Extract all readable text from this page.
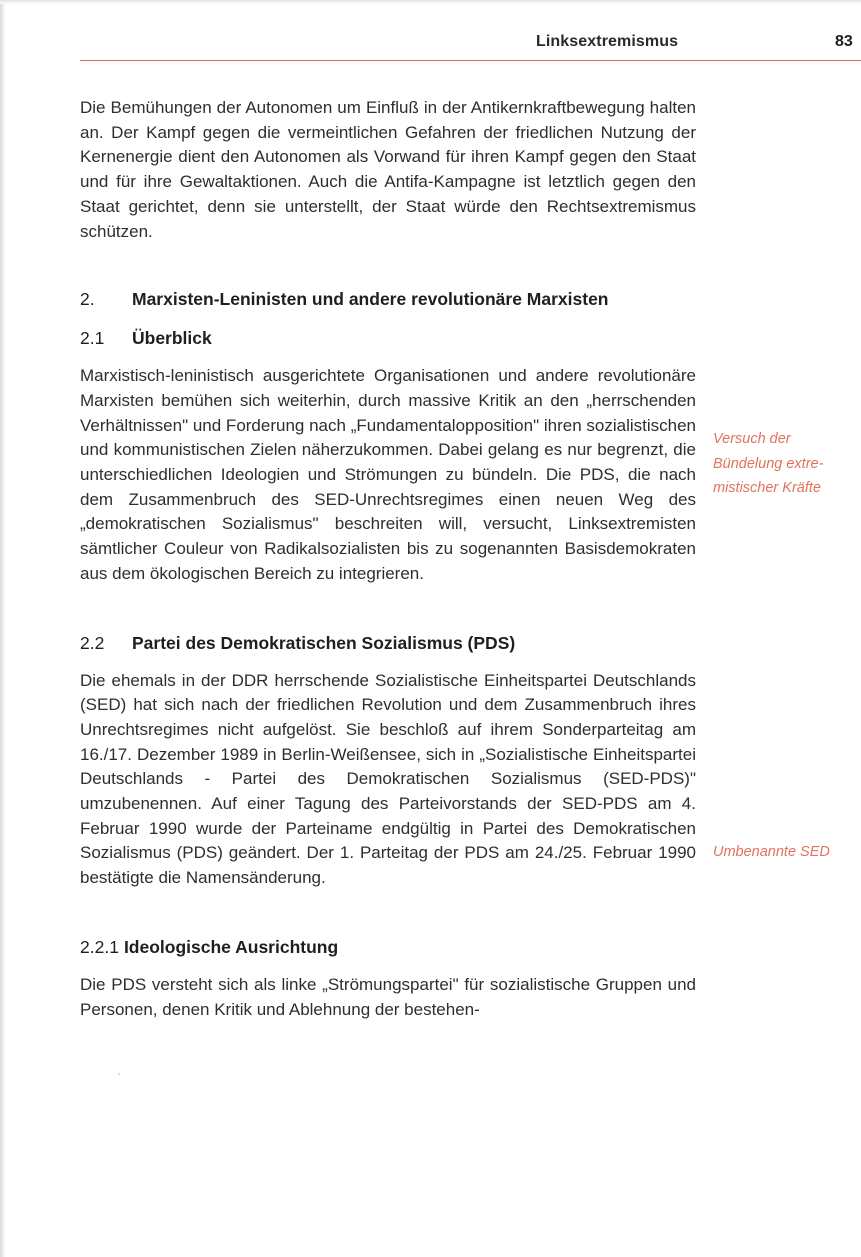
Linksextremismus	83

Die Bemühungen der Autonomen um Einfluß in der Antikernkraftbewegung halten an. Der Kampf gegen die vermeintlichen Gefahren der friedlichen Nutzung der Kernenergie dient den Autonomen als Vorwand für ihren Kampf gegen den Staat und für ihre Gewaltaktionen. Auch die Antifa-Kampagne ist letztlich gegen den Staat gerichtet, denn sie unterstellt, der Staat würde den Rechtsextremismus schützen.

2.	Marxisten-Leninisten und andere revolutionäre Marxisten
2.1	Überblick

Marxistisch-leninistisch ausgerichtete Organisationen und andere revolutionäre Marxisten bemühen sich weiterhin, durch massive Kritik an den „herrschenden Verhältnissen" und Forderung nach „Fundamentalopposition" ihren sozialistischen und kommunistischen Zielen näherzukommen. Dabei gelang es nur begrenzt, die unterschiedlichen Ideologien und Strömungen zu bündeln. Die PDS, die nach dem Zusammenbruch des SED-Unrechtsregimes einen neuen Weg des „demokratischen Sozialismus" beschreiten will, versucht, Linksextremisten sämtlicher Couleur von Radikalsozialisten bis zu sogenannten Basisdemokraten aus dem ökologischen Bereich zu integrieren.

2.2	Partei des Demokratischen Sozialismus (PDS)

Die ehemals in der DDR herrschende Sozialistische Einheitspartei Deutschlands (SED) hat sich nach der friedlichen Revolution und dem Zusammenbruch ihres Unrechtsregimes nicht aufgelöst. Sie beschloß auf ihrem Sonderparteitag am 16./17. Dezember 1989 in Berlin-Weißensee, sich in „Sozialistische Einheitspartei Deutschlands - Partei des Demokratischen Sozialismus (SED-PDS)" umzubenennen. Auf einer Tagung des Parteivorstands der SED-PDS am 4. Februar 1990 wurde der Parteiname endgültig in Partei des Demokratischen Sozialismus (PDS) geändert. Der 1. Parteitag der PDS am 24./25. Februar 1990 bestätigte die Namensänderung.

2.2.1 Ideologische Ausrichtung

Die PDS versteht sich als linke „Strömungspartei" für sozialistische Gruppen und Personen, denen Kritik und Ablehnung der bestehen-

Versuch der
Bündelung extre-
mistischer Kräfte
Umbenannte SED
